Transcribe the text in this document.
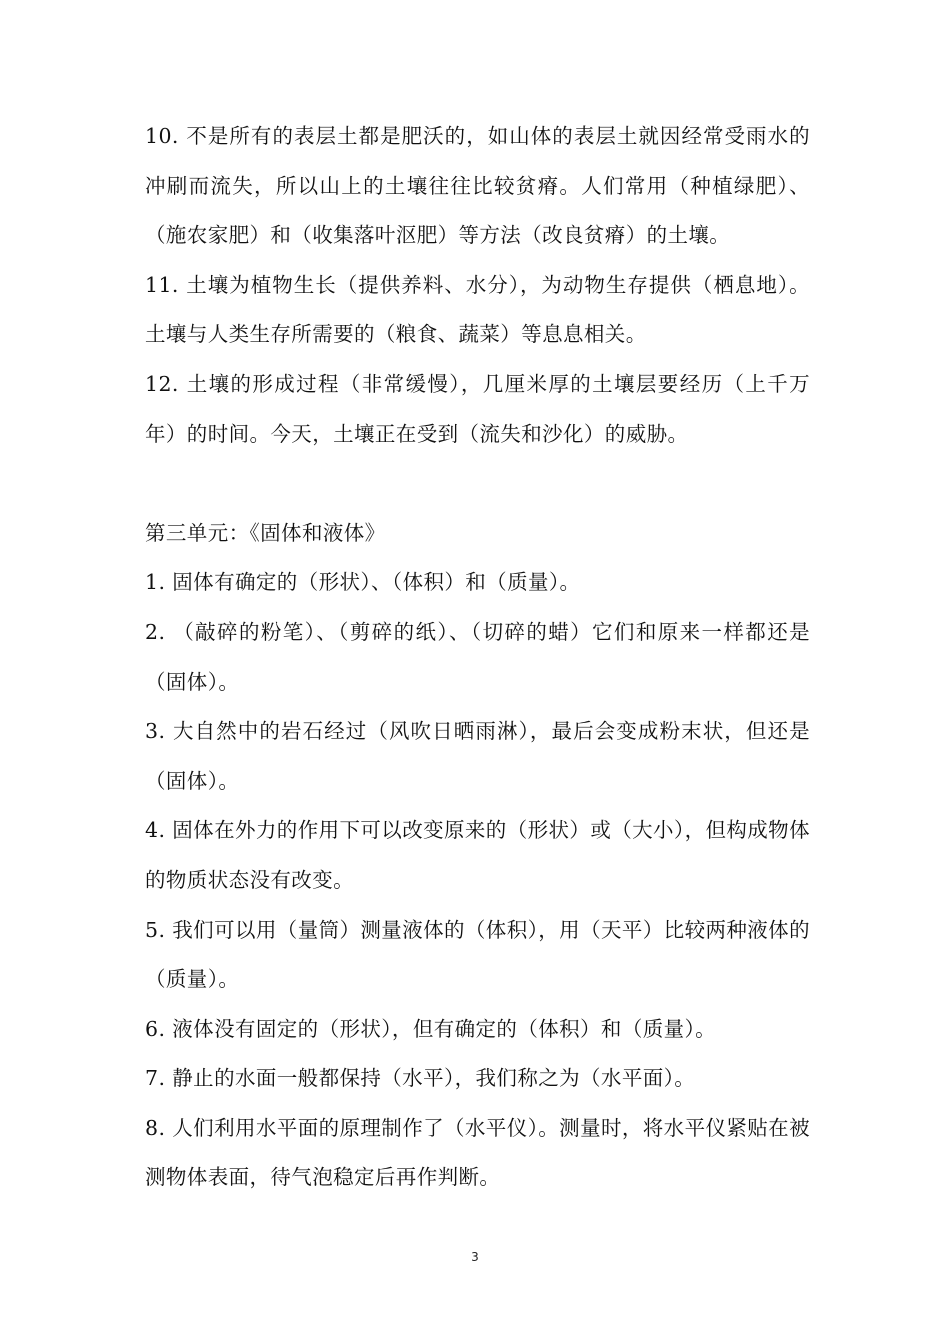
10. 不是所有的表层土都是肥沃的，如山体的表层土就因经常受雨水的冲刷而流失，所以山上的土壤往往比较贫瘠。人们常用（种植绿肥）、（施农家肥）和（收集落叶沤肥）等方法（改良贫瘠）的土壤。

11. 土壤为植物生长（提供养料、水分），为动物生存提供（栖息地）。土壤与人类生存所需要的（粮食、蔬菜）等息息相关。

12. 土壤的形成过程（非常缓慢），几厘米厚的土壤层要经历（上千万年）的时间。今天，土壤正在受到（流失和沙化）的威胁。

第三单元：《固体和液体》

1. 固体有确定的（形状）、（体积）和（质量）。

2. （敲碎的粉笔）、（剪碎的纸）、（切碎的蜡）它们和原来一样都还是（固体）。

3. 大自然中的岩石经过（风吹日晒雨淋），最后会变成粉末状，但还是（固体）。

4. 固体在外力的作用下可以改变原来的（形状）或（大小），但构成物体的物质状态没有改变。

5. 我们可以用（量筒）测量液体的（体积），用（天平）比较两种液体的（质量）。

6. 液体没有固定的（形状），但有确定的（体积）和（质量）。

7. 静止的水面一般都保持（水平），我们称之为（水平面）。

8. 人们利用水平面的原理制作了（水平仪）。测量时，将水平仪紧贴在被测物体表面，待气泡稳定后再作判断。

3
